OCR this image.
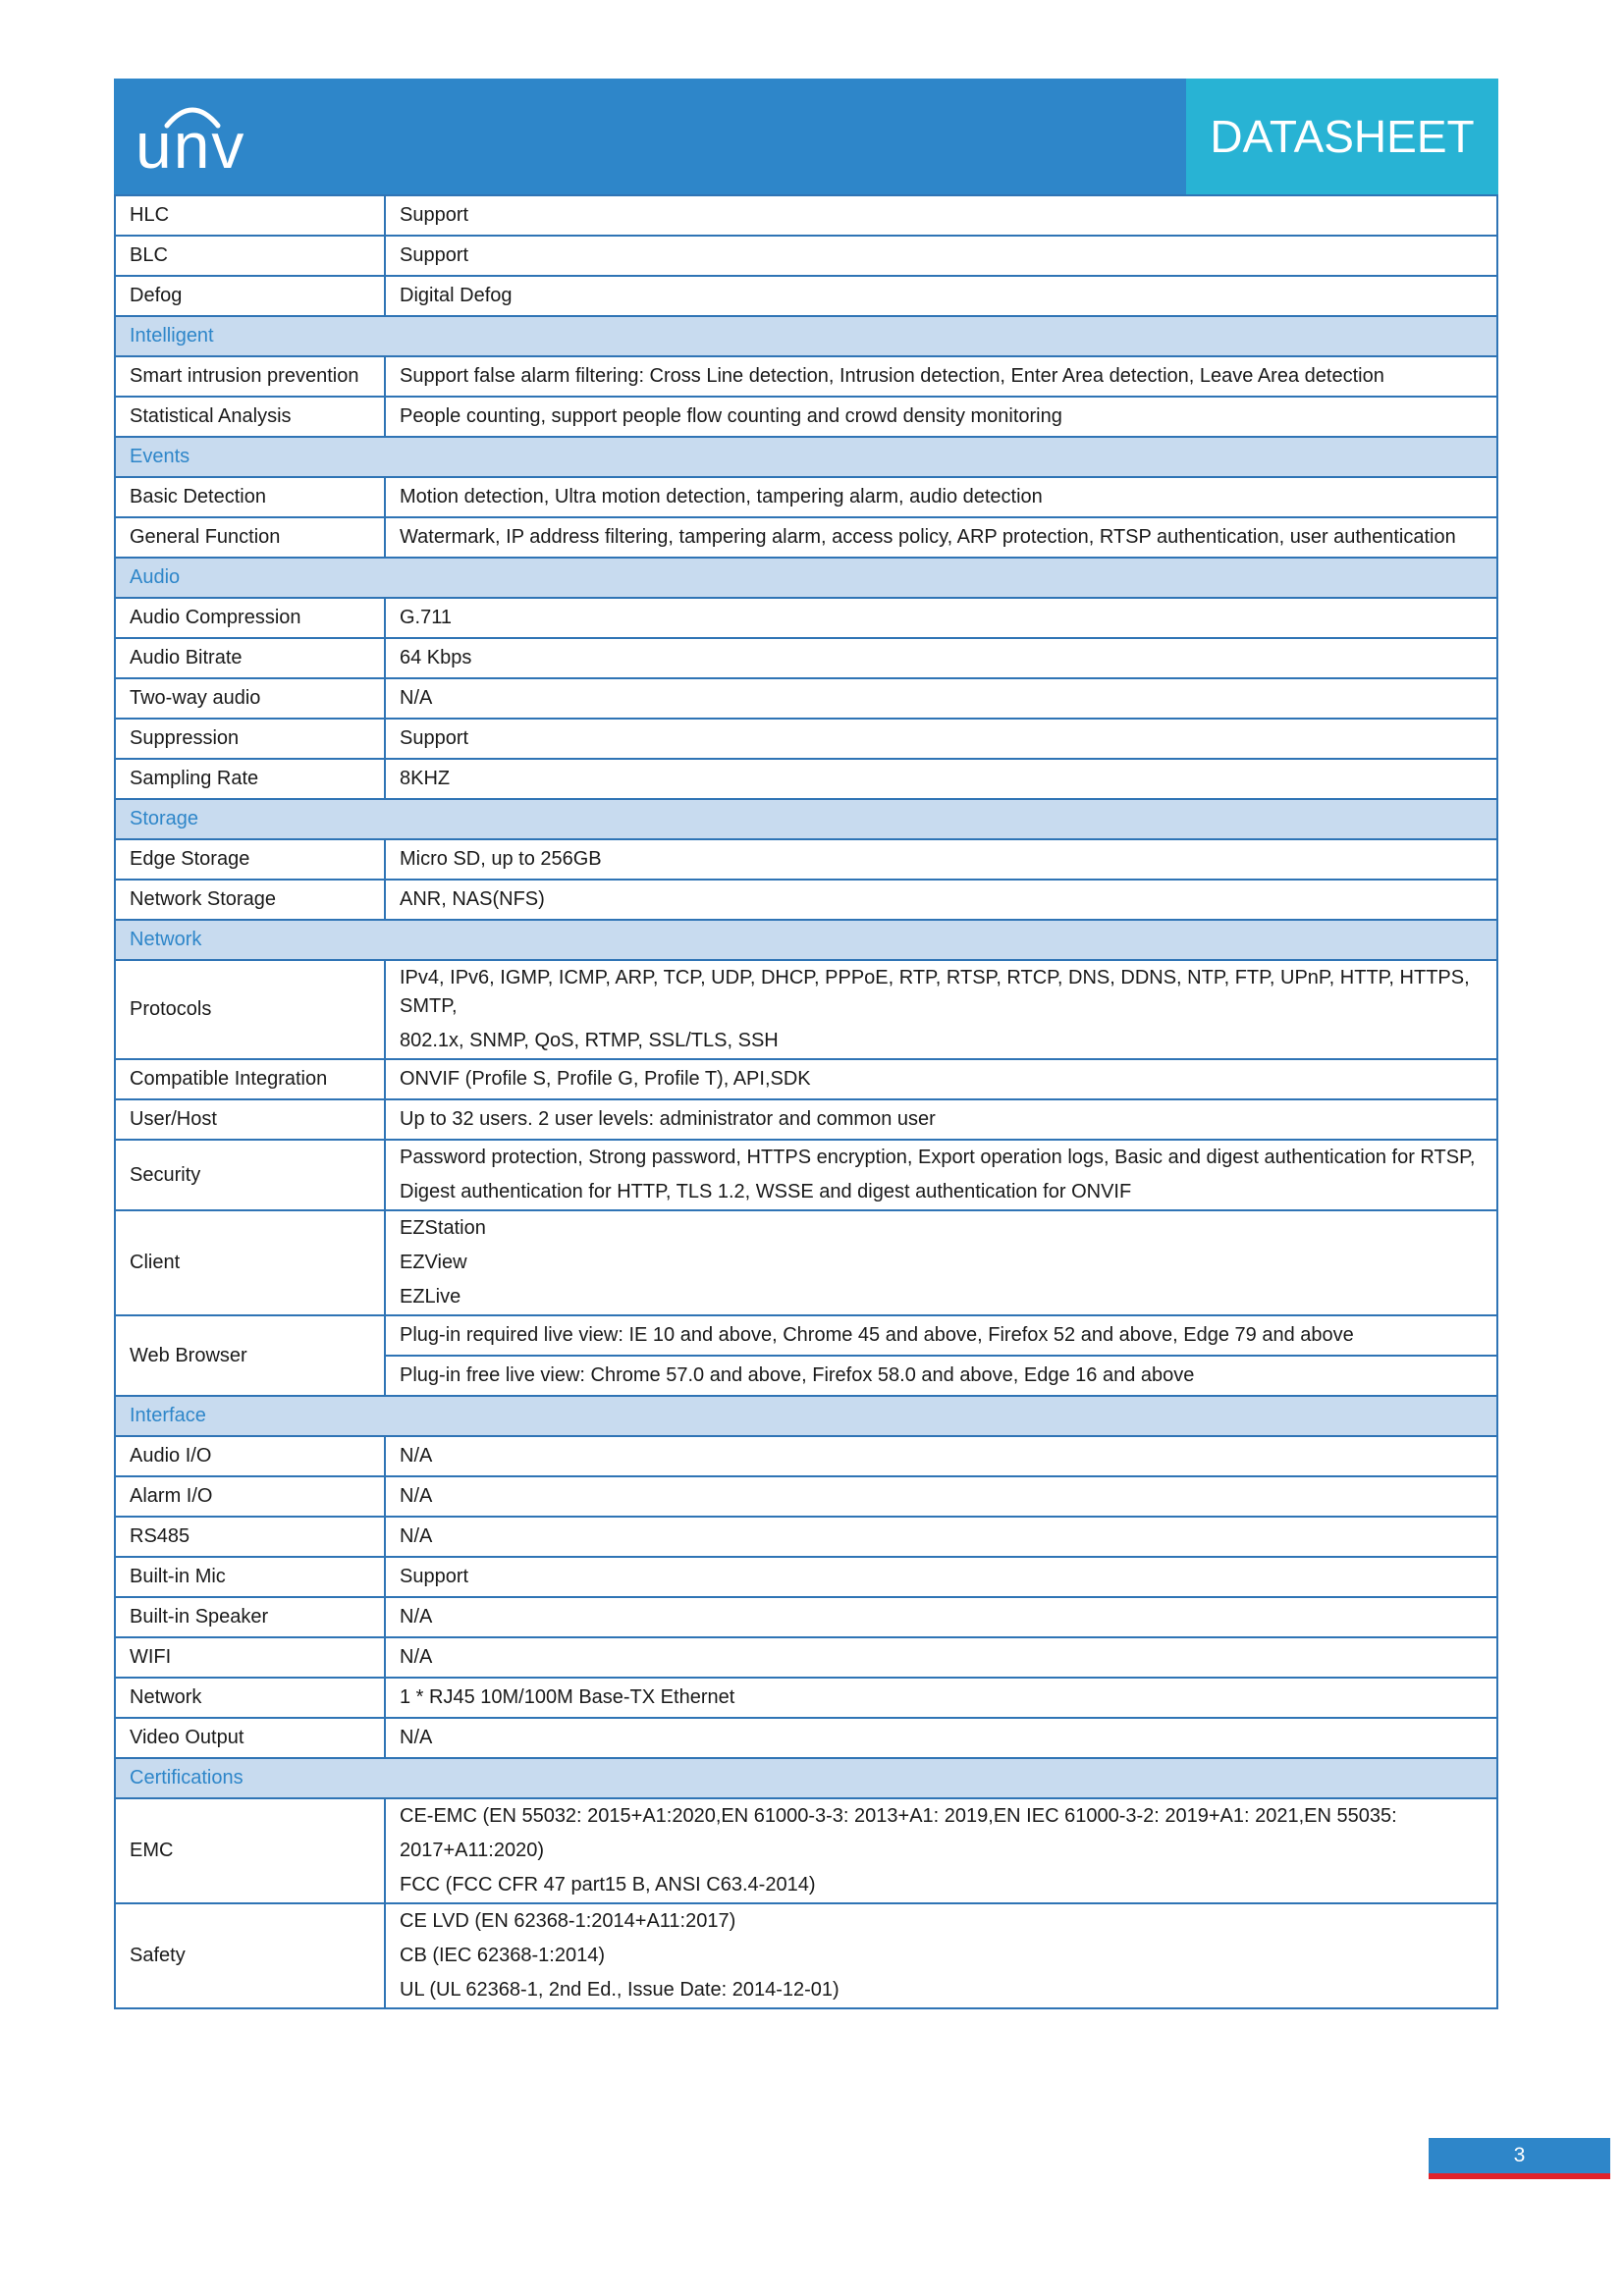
unv	DATASHEET
HLC	Support
BLC	Support
Defog	Digital Defog
Intelligent	
Smart intrusion prevention	Support false alarm filtering: Cross Line detection, Intrusion detection, Enter Area detection, Leave Area detection
Statistical Analysis	People counting, support people flow counting and crowd density monitoring
Events	
Basic Detection	Motion detection, Ultra motion detection, tampering alarm, audio detection
General Function	Watermark, IP address filtering, tampering alarm, access policy, ARP protection, RTSP authentication, user authentication
Audio	
Audio Compression	G.711
Audio Bitrate	64 Kbps
Two-way audio	N/A
Suppression	Support
Sampling Rate	8KHZ
Storage	
Edge Storage	Micro SD, up to 256GB
Network Storage	ANR, NAS(NFS)
Network	
Protocols	IPv4, IPv6, IGMP, ICMP, ARP, TCP, UDP, DHCP, PPPoE, RTP, RTSP, RTCP, DNS, DDNS, NTP, FTP, UPnP, HTTP, HTTPS, SMTP,
802.1x, SNMP, QoS, RTMP, SSL/TLS, SSH

Compatible Integration	ONVIF (Profile S, Profile G, Profile T), API,SDK
User/Host	Up to 32 users. 2 user levels: administrator and common user
Security	Password protection, Strong password, HTTPS encryption, Export operation logs, Basic and digest authentication for RTSP,
Digest authentication for HTTP, TLS 1.2, WSSE and digest authentication for ONVIF

Client	EZStation
EZView
EZLive

Web Browser	Plug-in required live view: IE 10 and above, Chrome 45 and above, Firefox 52 and above, Edge 79 and above
	Plug-in free live view: Chrome 57.0 and above, Firefox 58.0 and above, Edge 16 and above
Interface	
Audio I/O	N/A
Alarm I/O	N/A
RS485	N/A
Built-in Mic	Support
Built-in Speaker	N/A
WIFI	N/A
Network	1 * RJ45 10M/100M Base-TX Ethernet
Video Output	N/A
Certifications	
EMC	CE-EMC (EN 55032: 2015+A1:2020,EN 61000-3-3: 2013+A1: 2019,EN IEC 61000-3-2: 2019+A1: 2021,EN 55035:
2017+A11:2020)
FCC (FCC CFR 47 part15 B, ANSI C63.4-2014)

Safety	CE LVD (EN 62368-1:2014+A11:2017)
CB (IEC 62368-1:2014)
UL (UL 62368-1, 2nd Ed., Issue Date: 2014-12-01)
3
